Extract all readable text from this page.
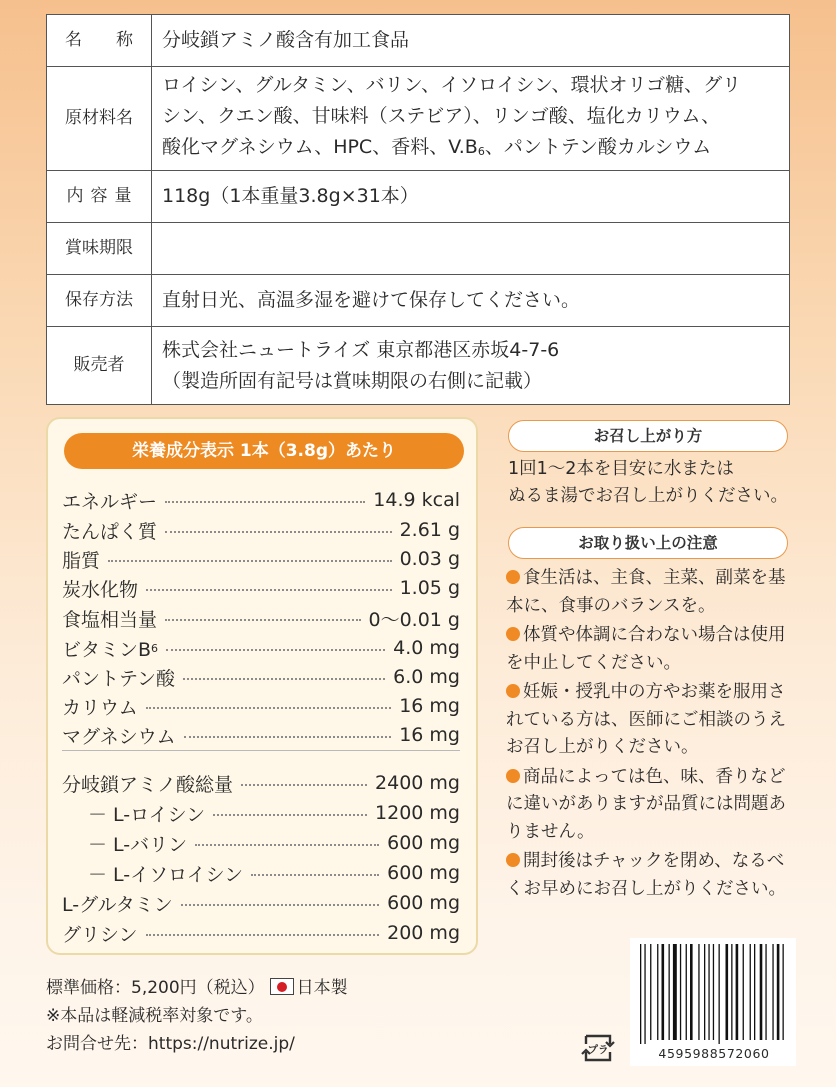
名称	分岐鎖アミノ酸含有加工食品
原材料名	ロイシン、グルタミン、バリン、イソロイシン、環状オリゴ糖、グリ
シン、クエン酸、甘味料（ステビア）、リンゴ酸、塩化カリウム、
酸化マグネシウム、HPC、香料、$V.B_6$、パントテン酸カルシウム

内容量	118g（1本重量3.8g×31本）
賞味期限	
保存方法	直射日光、高温多湿を避けて保存してください。
販売者	株式会社ニュートライズ 東京都港区赤坂4-7-6
（製造所固有記号は賞味期限の右側に記載）
栄養成分表示 1本（3.8g）あたり
エネルギー	14.9 kcal
たんぱく質	2.61 g
脂質	0.03 g
炭水化物	1.05 g
食塩相当量	0～0.01 g
ビタミンB 6	4.0 mg
パントテン酸	6.0 mg
カリウム	16 mg
マグネシウム	16 mg
分岐鎖アミノ酸総量	2400 mg
－ L-ロイシン	1200 mg
－ L-バリン	600 mg
－ L-イソロイシン	600 mg
L-グルタミン	600 mg
グリシン	200 mg
お召し上がり方
1回1～2本を目安に水または
ぬるま湯でお召し上がりください。
お取り扱い上の注意
食生活は、主食、主菜、副菜を基本に、食事のバランスを。
体質や体調に合わない場合は使用を中止してください。
妊娠・授乳中の方やお薬を服用されている方は、医師にご相談のうえお召し上がりください。
商品によっては色、味、香りなどに違いがありますが品質には問題ありません。
開封後はチャックを閉め、なるべくお早めにお召し上がりください。
標準価格：5,200円（税込） 日本製
※本品は軽減税率対象です。
お問合せ先：https://nutrize.jp/	プラ	4595988572060
